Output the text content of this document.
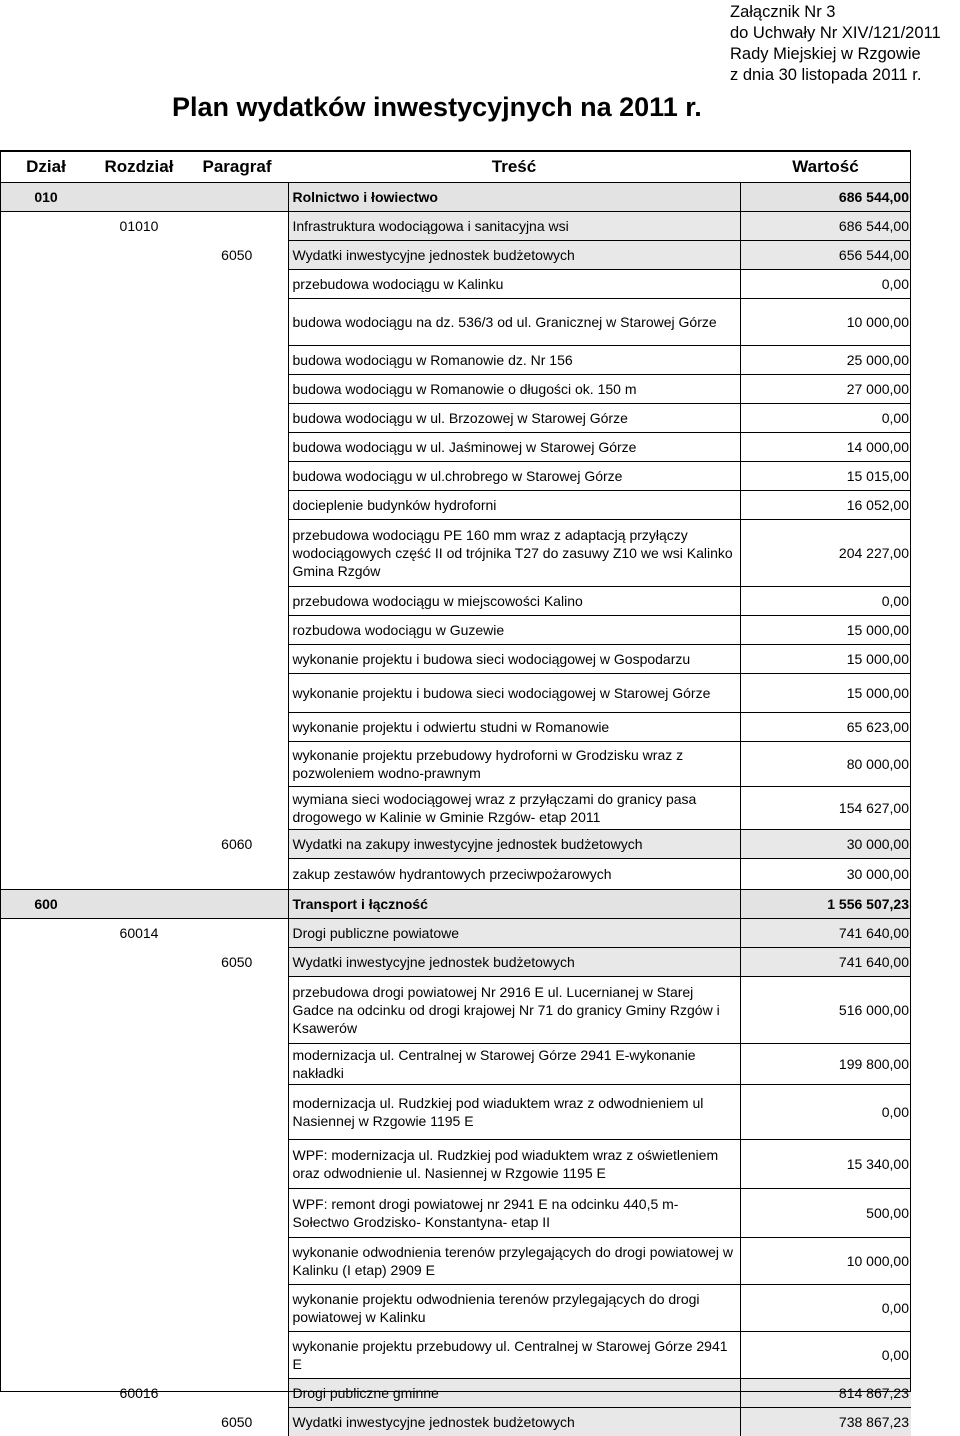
Załącznik Nr 3
do Uchwały Nr XIV/121/2011
Rady Miejskiej w Rzgowie
z dnia 30 listopada 2011 r.
Plan wydatków inwestycyjnych na 2011 r.
Dział	Rozdział	Paragraf	Treść	Wartość
010			Rolnictwo i łowiectwo	686 544,00
	01010		Infrastruktura wodociągowa i sanitacyjna wsi	686 544,00
		6050	Wydatki inwestycyjne jednostek budżetowych	656 544,00
			przebudowa wodociągu w Kalinku	0,00
			budowa wodociągu na dz. 536/3 od ul. Granicznej w Starowej Górze	10 000,00
			budowa wodociągu w Romanowie dz. Nr 156	25 000,00
			budowa wodociągu w Romanowie o długości ok. 150 m	27 000,00
			budowa wodociągu w ul. Brzozowej w Starowej Górze	0,00
			budowa wodociągu w ul. Jaśminowej w Starowej Górze	14 000,00
			budowa wodociągu w ul.chrobrego w Starowej Górze	15 015,00
			docieplenie budynków hydroforni	16 052,00
			przebudowa wodociągu PE 160 mm wraz z adaptacją przyłączy wodociągowych część II od trójnika T27 do zasuwy Z10 we wsi Kalinko Gmina Rzgów	204 227,00
			przebudowa wodociągu w miejscowości Kalino	0,00
			rozbudowa wodociągu w Guzewie	15 000,00
			wykonanie projektu i budowa sieci wodociągowej w Gospodarzu	15 000,00
			wykonanie projektu i budowa sieci wodociągowej w Starowej Górze	15 000,00
			wykonanie projektu i odwiertu studni w Romanowie	65 623,00
			wykonanie projektu przebudowy hydroforni w Grodzisku wraz z pozwoleniem wodno-prawnym	80 000,00
			wymiana sieci wodociągowej wraz z przyłączami do granicy pasa drogowego w Kalinie w Gminie Rzgów- etap 2011	154 627,00
		6060	Wydatki na zakupy inwestycyjne jednostek budżetowych	30 000,00
			zakup zestawów hydrantowych przeciwpożarowych	30 000,00
600			Transport i łączność	1 556 507,23
	60014		Drogi publiczne powiatowe	741 640,00
		6050	Wydatki inwestycyjne jednostek budżetowych	741 640,00
			przebudowa drogi powiatowej Nr 2916 E ul. Lucernianej w Starej Gadce na odcinku od drogi krajowej Nr 71 do granicy Gminy Rzgów i Ksawerów	516 000,00
			modernizacja ul. Centralnej w Starowej Górze 2941 E-wykonanie nakładki	199 800,00
			modernizacja ul. Rudzkiej pod wiaduktem wraz z odwodnieniem ul Nasiennej w Rzgowie 1195 E	0,00
			WPF: modernizacja ul. Rudzkiej pod wiaduktem wraz z oświetleniem oraz odwodnienie ul. Nasiennej w Rzgowie 1195 E	15 340,00
			WPF: remont drogi powiatowej nr 2941 E na odcinku 440,5 m- Sołectwo Grodzisko- Konstantyna- etap II	500,00
			wykonanie odwodnienia terenów przylegających do drogi powiatowej w Kalinku (I etap) 2909 E	10 000,00
			wykonanie projektu odwodnienia terenów przylegających do drogi powiatowej w Kalinku	0,00
			wykonanie projektu przebudowy ul. Centralnej w Starowej Górze 2941 E	0,00
	60016		Drogi publiczne gminne	814 867,23
		6050	Wydatki inwestycyjne jednostek budżetowych	738 867,23
